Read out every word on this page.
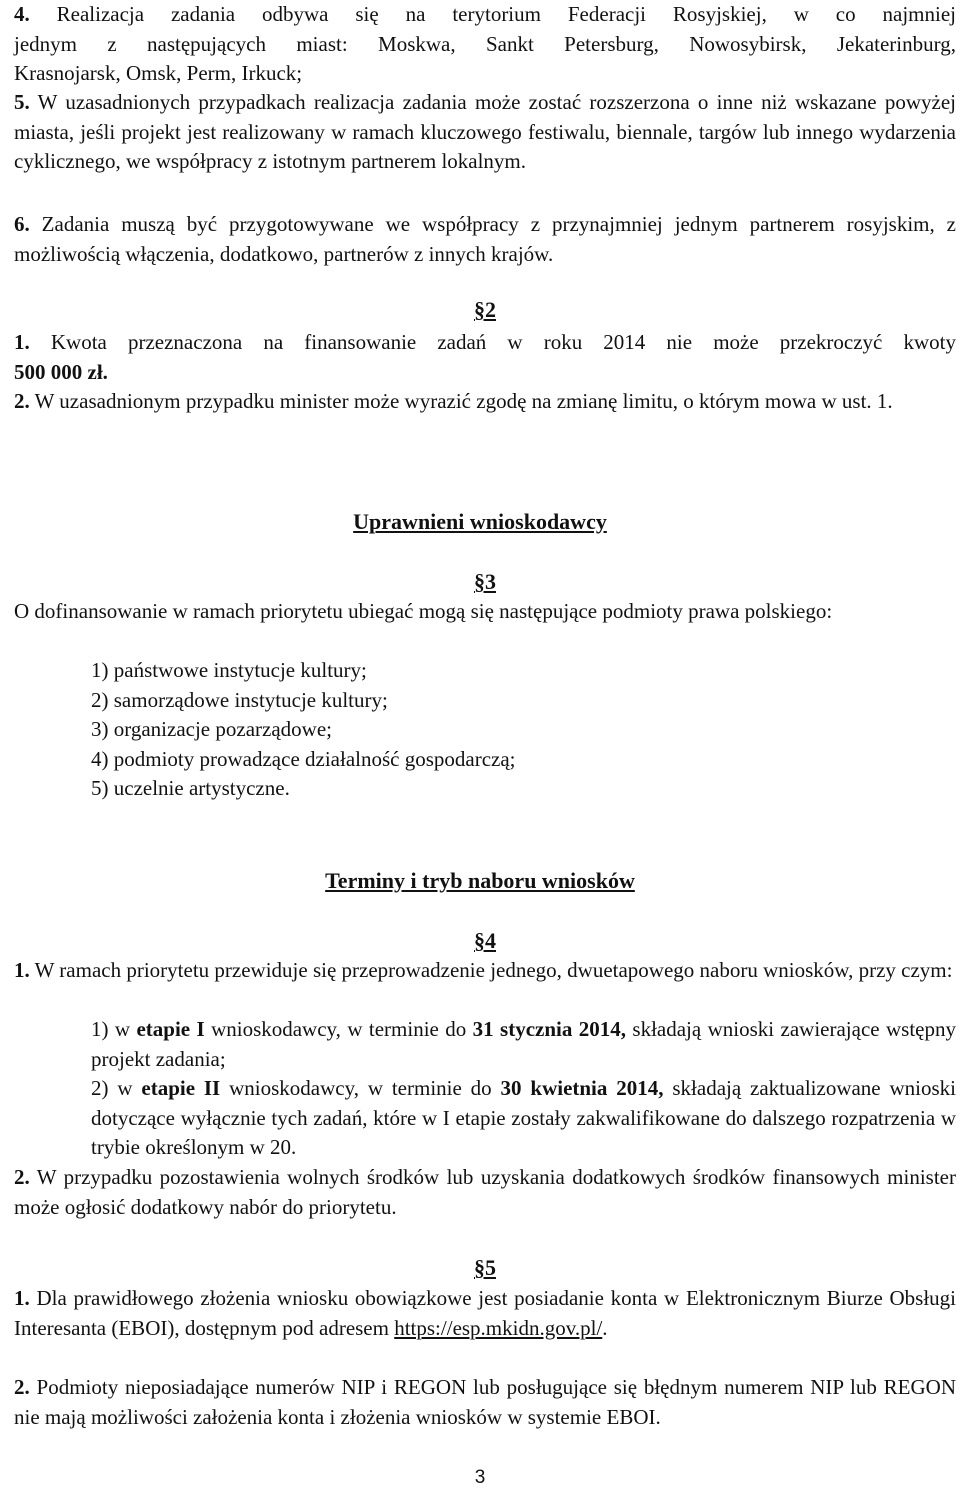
4. Realizacja zadania odbywa się na terytorium Federacji Rosyjskiej, w co najmniej
jednym z następujących miast: Moskwa, Sankt Petersburg, Nowosybirsk, Jekaterinburg,
Krasnojarsk, Omsk, Perm, Irkuck;

5. W uzasadnionych przypadkach realizacja zadania może zostać rozszerzona o inne niż wskazane powyżej miasta, jeśli projekt jest realizowany w ramach kluczowego festiwalu, biennale, targów lub innego wydarzenia cyklicznego, we współpracy z istotnym partnerem lokalnym.

6. Zadania muszą być przygotowywane we współpracy z przynajmniej jednym partnerem rosyjskim, z możliwością włączenia, dodatkowo, partnerów z innych krajów.

§2
1. Kwota przeznaczona na finansowanie zadań w roku 2014 nie może przekroczyć kwoty
500 000 zł.

2. W uzasadnionym przypadku minister może wyrazić zgodę na zmianę limitu, o którym mowa w ust. 1.

Uprawnieni wnioskodawcy
§3

O dofinansowanie w ramach priorytetu ubiegać mogą się następujące podmioty prawa polskiego:

1) państwowe instytucje kultury;
2) samorządowe instytucje kultury;
3) organizacje pozarządowe;
4) podmioty prowadzące działalność gospodarczą;
5) uczelnie artystyczne.
Terminy i tryb naboru wniosków
§4

1. W ramach priorytetu przewiduje się przeprowadzenie jednego, dwuetapowego naboru wniosków, przy czym:

1) w etapie I wnioskodawcy, w terminie do 31 stycznia 2014, składają wnioski zawierające wstępny projekt zadania;

2) w etapie II wnioskodawcy, w terminie do 30 kwietnia 2014, składają zaktualizowane wnioski dotyczące wyłącznie tych zadań, które w I etapie zostały zakwalifikowane do dalszego rozpatrzenia w trybie określonym w 20.

2. W przypadku pozostawienia wolnych środków lub uzyskania dodatkowych środków finansowych minister może ogłosić dodatkowy nabór do priorytetu.

§5

1. Dla prawidłowego złożenia wniosku obowiązkowe jest posiadanie konta w Elektronicznym Biurze Obsługi Interesanta (EBOI), dostępnym pod adresem https://esp.mkidn.gov.pl/.

2. Podmioty nieposiadające numerów NIP i REGON lub posługujące się błędnym numerem NIP lub REGON nie mają możliwości założenia konta i złożenia wniosków w systemie EBOI.

3
